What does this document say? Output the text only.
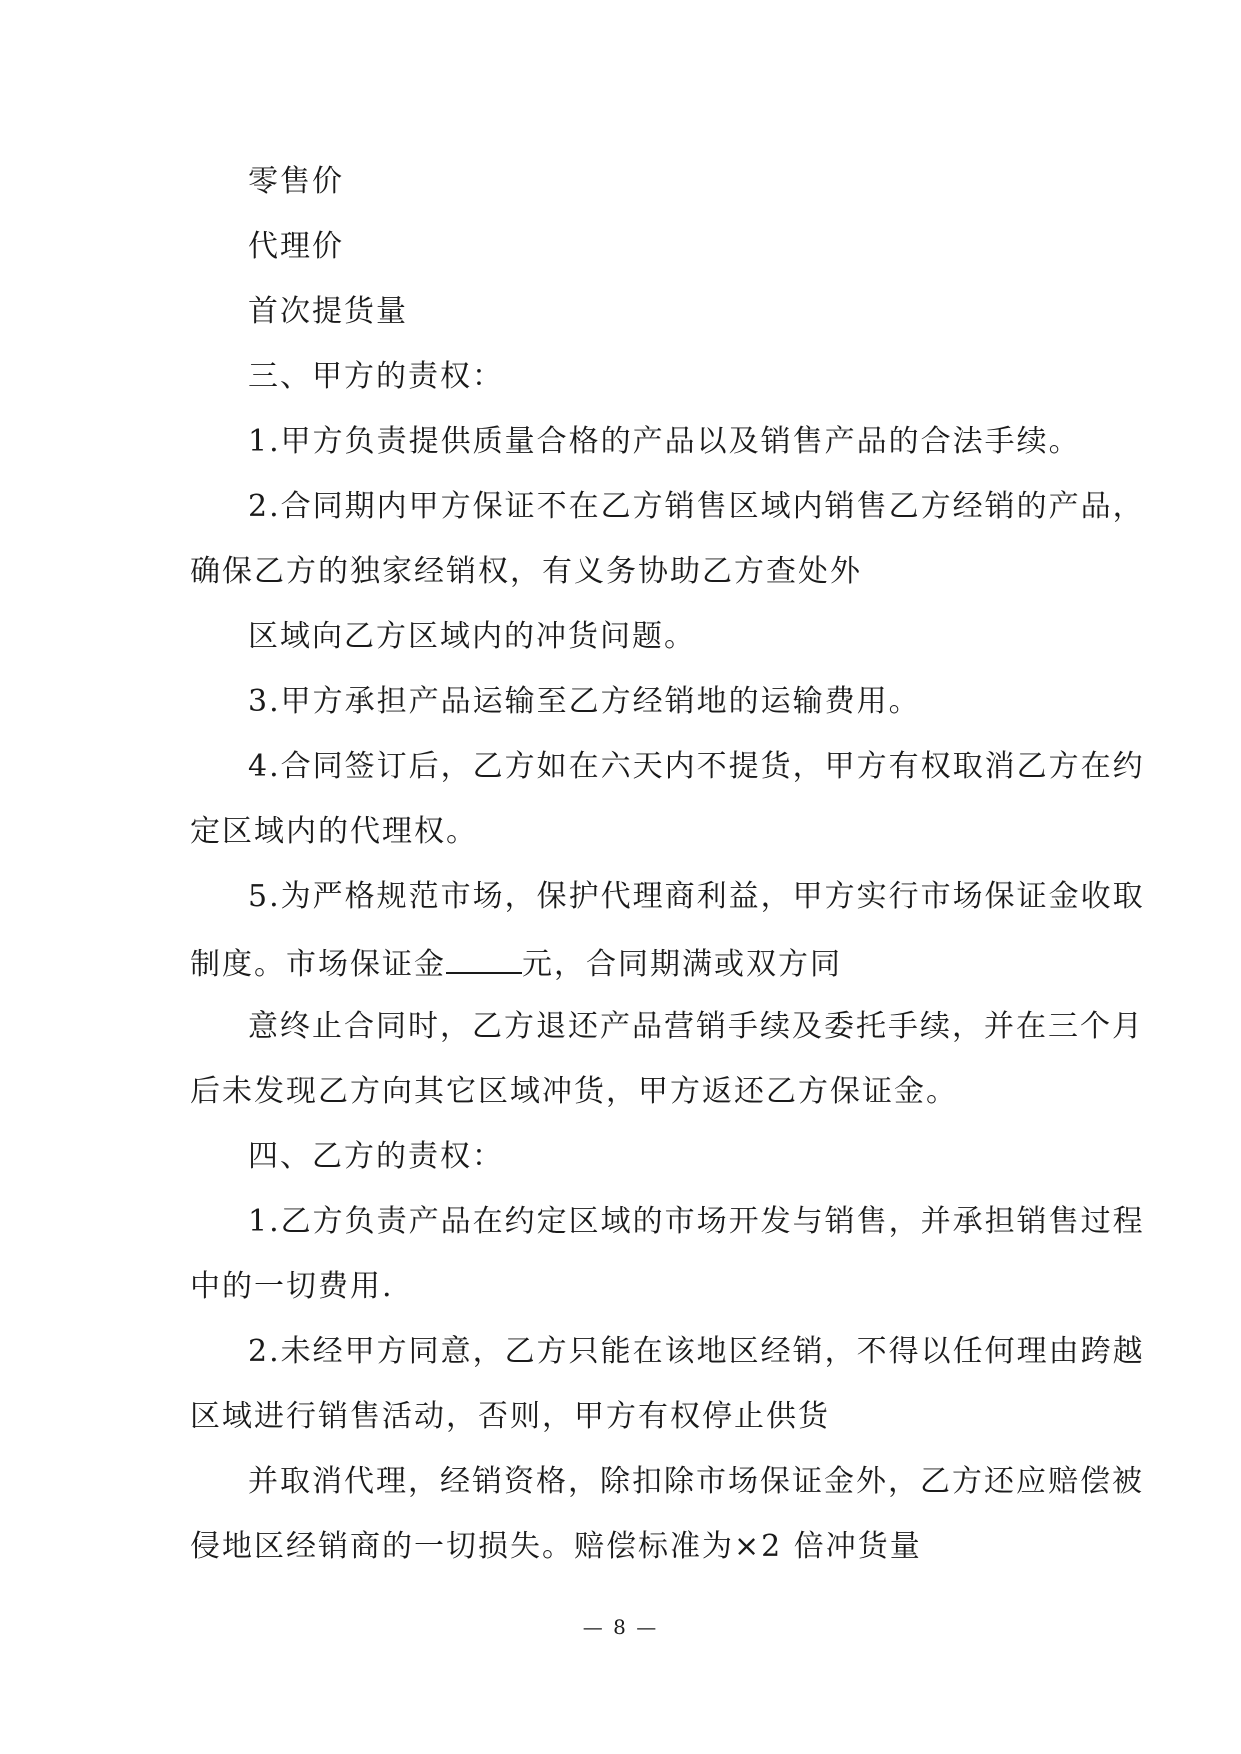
零售价
代理价
首次提货量
三、甲方的责权：
1.甲方负责提供质量合格的产品以及销售产品的合法手续。
2.合同期内甲方保证不在乙方销售区域内销售乙方经销的产品，
确保乙方的独家经销权，有义务协助乙方查处外
区域向乙方区域内的冲货问题。
3.甲方承担产品运输至乙方经销地的运输费用。
4.合同签订后，乙方如在六天内不提货，甲方有权取消乙方在约
定区域内的代理权。
5.为严格规范市场，保护代理商利益，甲方实行市场保证金收取
制度。市场保证金	元，合同期满或双方同
意终止合同时，乙方退还产品营销手续及委托手续，并在三个月
后未发现乙方向其它区域冲货，甲方返还乙方保证金。
四、乙方的责权：
1.乙方负责产品在约定区域的市场开发与销售，并承担销售过程
中的一切费用.
2.未经甲方同意，乙方只能在该地区经销，不得以任何理由跨越
区域进行销售活动，否则，甲方有权停止供货
并取消代理，经销资格，除扣除市场保证金外，乙方还应赔偿被
侵地区经销商的一切损失。赔偿标准为×2 倍冲货量
— 8 —
